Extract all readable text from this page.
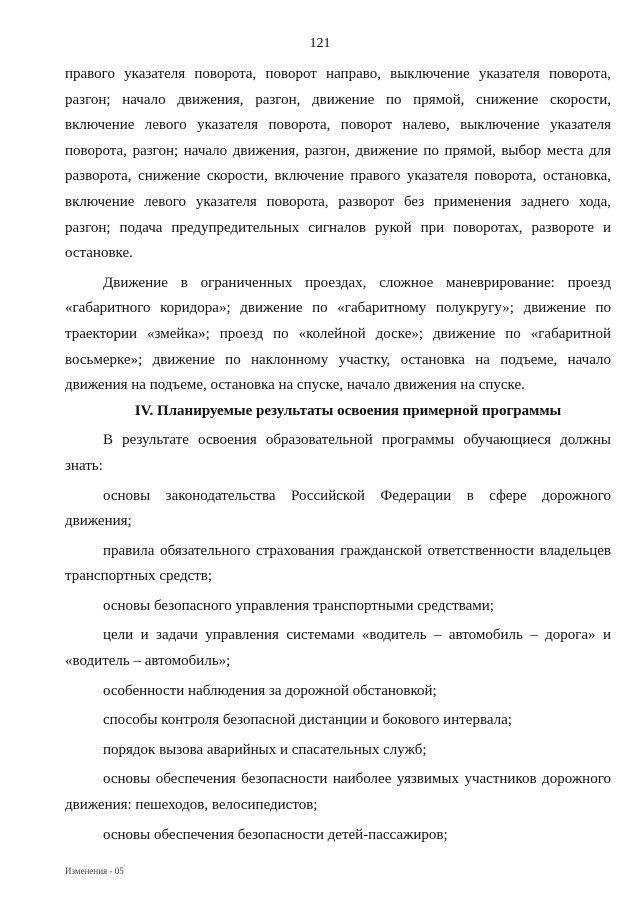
121

правого указателя поворота, поворот направо, выключение указателя поворота, разгон; начало движения, разгон, движение по прямой, снижение скорости, включение левого указателя поворота, поворот налево, выключение указателя поворота, разгон; начало движения, разгон, движение по прямой, выбор места для разворота, снижение скорости, включение правого указателя поворота, остановка, включение левого указателя поворота, разворот без применения заднего хода, разгон; подача предупредительных сигналов рукой при поворотах, развороте и остановке.

Движение в ограниченных проездах, сложное маневрирование: проезд «габаритного коридора»; движение по «габаритному полукругу»; движение по траектории «змейка»; проезд по «колейной доске»; движение по «габаритной восьмерке»; движение по наклонному участку, остановка на подъеме, начало движения на подъеме, остановка на спуске, начало движения на спуске.

IV. Планируемые результаты освоения примерной программы

В результате освоения образовательной программы обучающиеся должны знать:

основы законодательства Российской Федерации в сфере дорожного движения;

правила обязательного страхования гражданской ответственности владельцев транспортных средств;

основы безопасного управления транспортными средствами;

цели и задачи управления системами «водитель – автомобиль – дорога» и «водитель – автомобиль»;

особенности наблюдения за дорожной обстановкой;

способы контроля безопасной дистанции и бокового интервала;

порядок вызова аварийных и спасательных служб;

основы обеспечения безопасности наиболее уязвимых участников дорожного движения: пешеходов, велосипедистов;

основы обеспечения безопасности детей-пассажиров;

Изменения - 05
